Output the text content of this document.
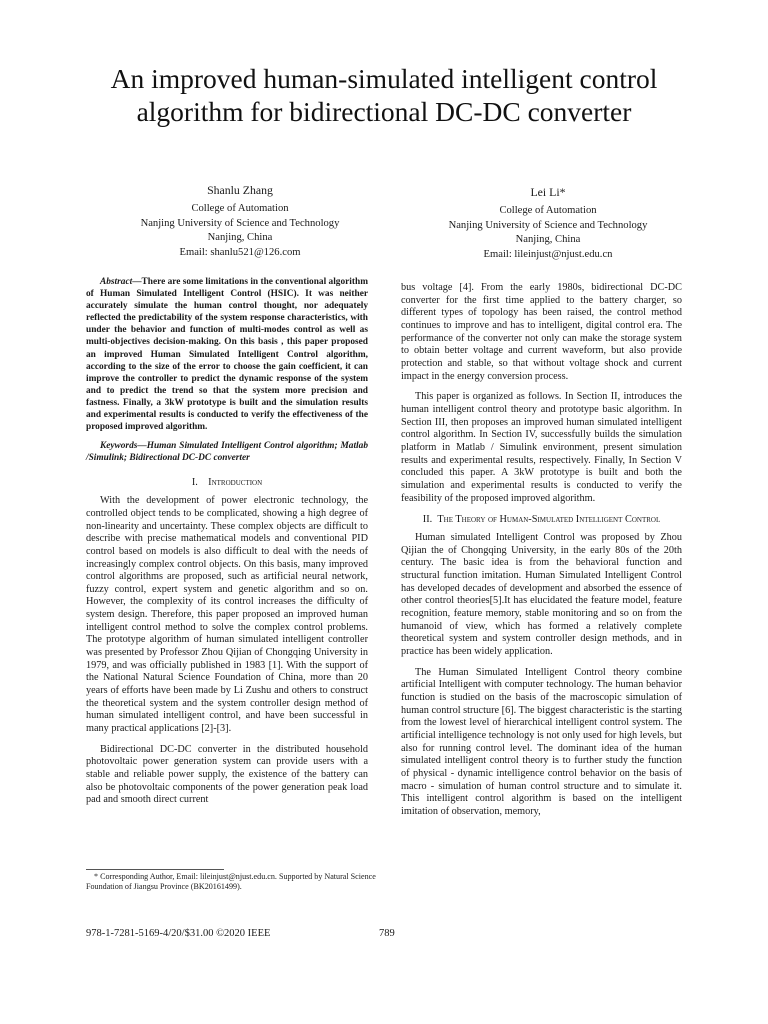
An improved human-simulated intelligent control
algorithm for bidirectional DC-DC converter
Shanlu Zhang
College of Automation
Nanjing University of Science and Technology
Nanjing, China
Email: shanlu521@126.com
Lei Li*
College of Automation
Nanjing University of Science and Technology
Nanjing, China
Email: lileinjust@njust.edu.cn
Abstract—There are some limitations in the conventional algorithm of Human Simulated Intelligent Control (HSIC). It was neither accurately simulate the human control thought, nor adequately reflected the predictability of the system response characteristics, with under the behavior and function of multi-modes control as well as multi-objectives decision-making. On this basis , this paper proposed an improved Human Simulated Intelligent Control algorithm, according to the size of the error to choose the gain coefficient, it can improve the controller to predict the dynamic response of the system and to predict the trend so that the system more precision and fastness. Finally, a 3kW prototype is built and the simulation results and experimental results is conducted to verify the effectiveness of the proposed improved algorithm.
Keywords—Human Simulated Intelligent Control algorithm; Matlab /Simulink; Bidirectional DC-DC converter
I. Introduction

With the development of power electronic technology, the controlled object tends to be complicated, showing a high degree of non-linearity and uncertainty. These complex objects are difficult to describe with precise mathematical models and conventional PID control based on models is also difficult to deal with the needs of increasingly complex control objects. On this basis, many improved control algorithms are proposed, such as artificial neural network, fuzzy control, expert system and genetic algorithm and so on. However, the complexity of its control increases the difficulty of system design. Therefore, this paper proposed an improved human intelligent control method to solve the complex control problems. The prototype algorithm of human simulated intelligent controller was presented by Professor Zhou Qijian of Chongqing University in 1979, and was officially published in 1983 [1]. With the support of the National Natural Science Foundation of China, more than 20 years of efforts have been made by Li Zushu and others to construct the theoretical system and the system controller design method of human simulated intelligent control, and have been successful in many practical applications [2]-[3].

Bidirectional DC-DC converter in the distributed household photovoltaic power generation system can provide users with a stable and reliable power supply, the existence of the battery can also be photovoltaic components of the power generation peak load pad and smooth direct current

bus voltage [4]. From the early 1980s, bidirectional DC-DC converter for the first time applied to the battery charger, so different types of topology has been raised, the control method continues to improve and has to intelligent, digital control era. The performance of the converter not only can make the storage system to obtain better voltage and current waveform, but also provide protection and stable, so that without voltage shock and current impact in the energy conversion process.

This paper is organized as follows. In Section II, introduces the human intelligent control theory and prototype basic algorithm. In Section III, then proposes an improved human simulated intelligent control algorithm. In Section IV, successfully builds the simulation platform in Matlab / Simulink environment, present simulation results and experimental results, respectively. Finally, In Section V concluded this paper. A 3kW prototype is built and both the simulation and experimental results is conducted to verify the feasibility of the proposed improved algorithm.

II. The Theory of Human-Simulated Intelligent Control

Human simulated Intelligent Control was proposed by Zhou Qijian the of Chongqing University, in the early 80s of the 20th century. The basic idea is from the behavioral function and structural function imitation. Human Simulated Intelligent Control has developed decades of development and absorbed the essence of other control theories[5].It has elucidated the feature model, feature recognition, feature memory, stable monitoring and so on from the humanoid of view, which has formed a relatively complete theoretical system and system controller design methods, and in practice has been widely application.

The Human Simulated Intelligent Control theory combine artificial Intelligent with computer technology. The human behavior function is studied on the basis of the macroscopic simulation of human control structure [6]. The biggest characteristic is the starting from the lowest level of hierarchical intelligent control system. The artificial intelligence technology is not only used for high levels, but also for running control level. The dominant idea of the human simulated intelligent control theory is to further study the function of physical - dynamic intelligence control behavior on the basis of macro - simulation of human control structure and to simulate it. This intelligent control algorithm is based on the intelligent imitation of observation, memory,

* Corresponding Author, Email: lileinjust@njust.edu.cn. Supported by Natural Science Foundation of Jiangsu Province (BK20161499).
978-1-7281-5169-4/20/$31.00 ©2020 IEEE	789
